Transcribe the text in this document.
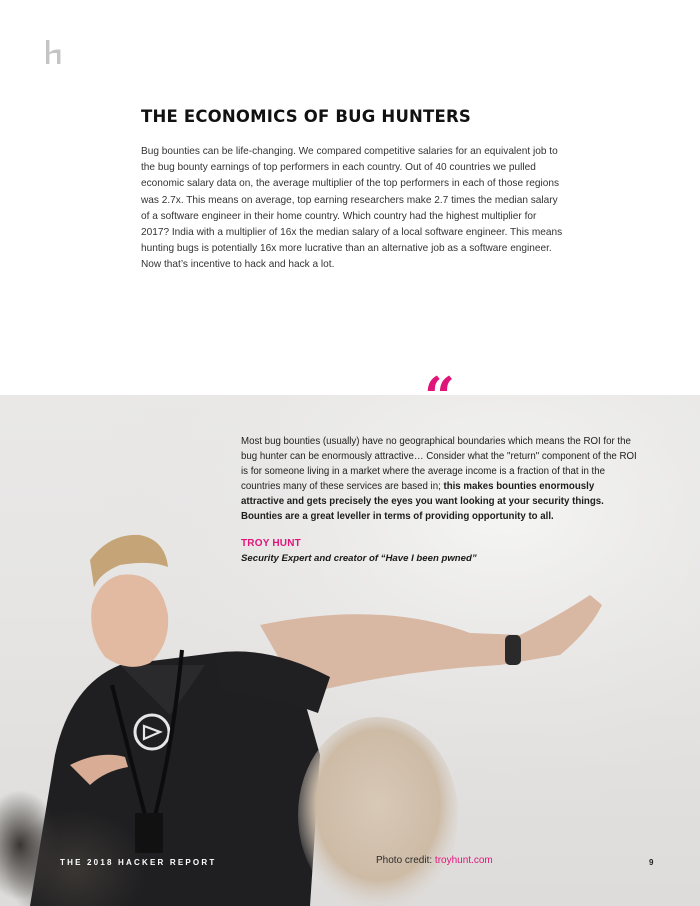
THE ECONOMICS OF BUG HUNTERS

Bug bounties can be life-changing. We compared competitive salaries for an equivalent job to the bug bounty earnings of top performers in each country. Out of 40 countries we pulled economic salary data on, the average multiplier of the top performers in each of those regions was 2.7x. This means on average, top earning researchers make 2.7 times the median salary of a software engineer in their home country. Which country had the highest multiplier for 2017? India with a multiplier of 16x the median salary of a local software engineer. This means hunting bugs is potentially 16x more lucrative than an alternative job as a software engineer. Now that’s incentive to hack and hack a lot.

“

Most bug bounties (usually) have no geographical boundaries which means the ROI for the bug hunter can be enormously attractive… Consider what the "return" component of the ROI is for someone living in a market where the average income is a fraction of that in the countries many of these services are based in; this makes bounties enormously attractive and gets precisely the eyes you want looking at your security things. Bounties are a great leveller in terms of providing opportunity to all.

TROY HUNT
Security Expert and creator of “Have I been pwned”
THE 2018 HACKER REPORT	Photo credit: troyhunt.com	9
